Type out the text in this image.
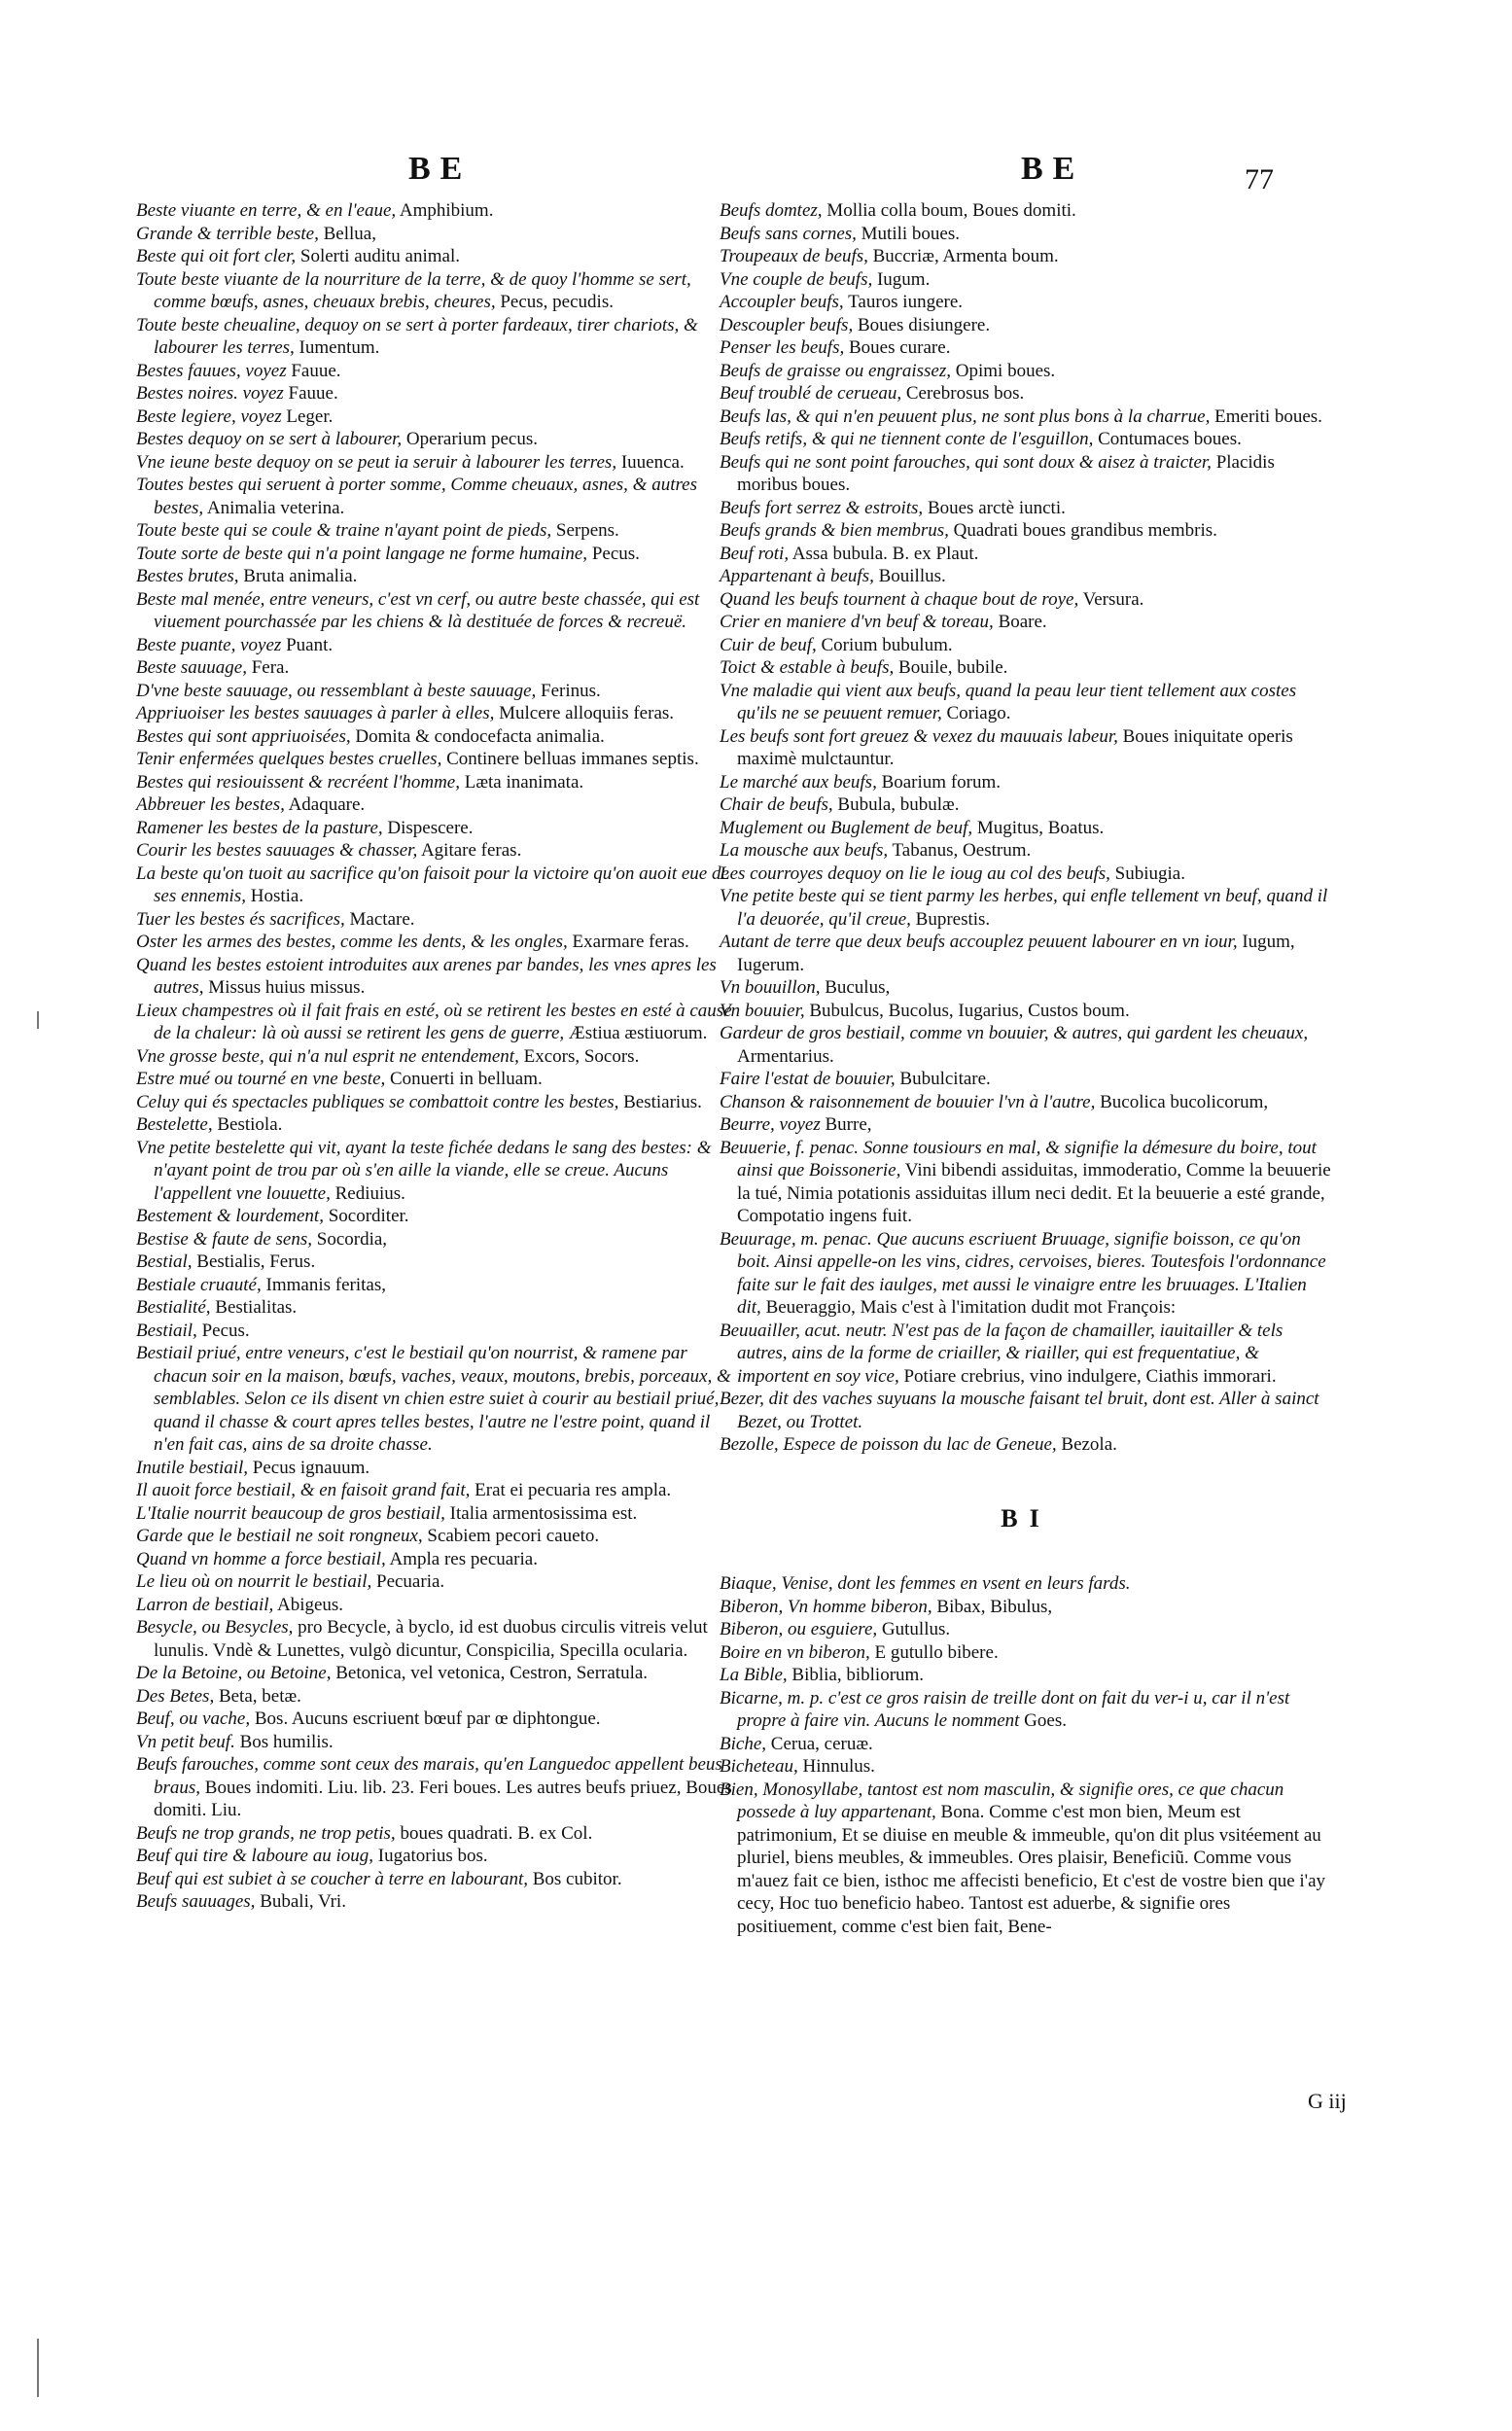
BE	BE	77

Beste viuante en terre, & en l'eaue, Amphibium.

Grande & terrible beste, Bellua,

Beste qui oit fort cler, Solerti auditu animal.

Toute beste viuante de la nourriture de la terre, & de quoy l'homme se sert, comme bœufs, asnes, cheuaux brebis, cheures, Pecus, pecudis.

Toute beste cheualine, dequoy on se sert à porter fardeaux, tirer chariots, & labourer les terres, Iumentum.

Bestes fauues, voyez Fauue.

Bestes noires. voyez Fauue.

Beste legiere, voyez Leger.

Bestes dequoy on se sert à labourer, Operarium pecus.

Vne ieune beste dequoy on se peut ia seruir à labourer les terres, Iuuenca.

Toutes bestes qui seruent à porter somme, Comme cheuaux, asnes, & autres bestes, Animalia veterina.

Toute beste qui se coule & traine n'ayant point de pieds, Serpens.

Toute sorte de beste qui n'a point langage ne forme humaine, Pecus.

Bestes brutes, Bruta animalia.

Beste mal menée, entre veneurs, c'est vn cerf, ou autre beste chassée, qui est viuement pourchassée par les chiens & là destituée de forces & recreuë.

Beste puante, voyez Puant.

Beste sauuage, Fera.

D'vne beste sauuage, ou ressemblant à beste sauuage, Ferinus.

Appriuoiser les bestes sauuages à parler à elles, Mulcere alloquiis feras.

Bestes qui sont appriuoisées, Domita & condocefacta animalia.

Tenir enfermées quelques bestes cruelles, Continere belluas immanes septis.

Bestes qui resiouissent & recréent l'homme, Læta inanimata.

Abbreuer les bestes, Adaquare.

Ramener les bestes de la pasture, Dispescere.

Courir les bestes sauuages & chasser, Agitare feras.

La beste qu'on tuoit au sacrifice qu'on faisoit pour la victoire qu'on auoit eue de ses ennemis, Hostia.

Tuer les bestes és sacrifices, Mactare.

Oster les armes des bestes, comme les dents, & les ongles, Exarmare feras.

Quand les bestes estoient introduites aux arenes par bandes, les vnes apres les autres, Missus huius missus.

Lieux champestres où il fait frais en esté, où se retirent les bestes en esté à cause de la chaleur: là où aussi se retirent les gens de guerre, Æstiua æstiuorum.

Vne grosse beste, qui n'a nul esprit ne entendement, Excors, Socors.

Estre mué ou tourné en vne beste, Conuerti in belluam.

Celuy qui és spectacles publiques se combattoit contre les bestes, Bestiarius.

Bestelette, Bestiola.

Vne petite bestelette qui vit, ayant la teste fichée dedans le sang des bestes: & n'ayant point de trou par où s'en aille la viande, elle se creue. Aucuns l'appellent vne louuette, Rediuius.

Bestement & lourdement, Socorditer.

Bestise & faute de sens, Socordia,

Bestial, Bestialis, Ferus.

Bestiale cruauté, Immanis feritas,

Bestialité, Bestialitas.

Bestiail, Pecus.

Bestiail priué, entre veneurs, c'est le bestiail qu'on nourrist, & ramene par chacun soir en la maison, bœufs, vaches, veaux, moutons, brebis, porceaux, & semblables. Selon ce ils disent vn chien estre suiet à courir au bestiail priué, quand il chasse & court apres telles bestes, l'autre ne l'estre point, quand il n'en fait cas, ains de sa droite chasse.

Inutile bestiail, Pecus ignauum.

Il auoit force bestiail, & en faisoit grand fait, Erat ei pecuaria res ampla.

L'Italie nourrit beaucoup de gros bestiail, Italia armentosissima est.

Garde que le bestiail ne soit rongneux, Scabiem pecori caueto.

Quand vn homme a force bestiail, Ampla res pecuaria.

Le lieu où on nourrit le bestiail, Pecuaria.

Larron de bestiail, Abigeus.

Besycle, ou Besycles, pro Becycle, à byclo, id est duobus circulis vitreis velut lunulis. Vndè & Lunettes, vulgò dicuntur, Conspicilia, Specilla ocularia.

De la Betoine, ou Betoine, Betonica, vel vetonica, Cestron, Serratula.

Des Betes, Beta, betæ.

Beuf, ou vache, Bos. Aucuns escriuent bœuf par œ diphtongue.

Vn petit beuf. Bos humilis.

Beufs farouches, comme sont ceux des marais, qu'en Languedoc appellent beus braus, Boues indomiti. Liu. lib. 23. Feri boues. Les autres beufs priuez, Boues domiti. Liu.

Beufs ne trop grands, ne trop petis, boues quadrati. B. ex Col.

Beuf qui tire & laboure au ioug, Iugatorius bos.

Beuf qui est subiet à se coucher à terre en labourant, Bos cubitor.

Beufs sauuages, Bubali, Vri.

Beufs domtez, Mollia colla boum, Boues domiti.

Beufs sans cornes, Mutili boues.

Troupeaux de beufs, Buccriæ, Armenta boum.

Vne couple de beufs, Iugum.

Accoupler beufs, Tauros iungere.

Descoupler beufs, Boues disiungere.

Penser les beufs, Boues curare.

Beufs de graisse ou engraissez, Opimi boues.

Beuf troublé de cerueau, Cerebrosus bos.

Beufs las, & qui n'en peuuent plus, ne sont plus bons à la charrue, Emeriti boues.

Beufs retifs, & qui ne tiennent conte de l'esguillon, Contumaces boues.

Beufs qui ne sont point farouches, qui sont doux & aisez à traicter, Placidis moribus boues.

Beufs fort serrez & estroits, Boues arctè iuncti.

Beufs grands & bien membrus, Quadrati boues grandibus membris.

Beuf roti, Assa bubula. B. ex Plaut.

Appartenant à beufs, Bouillus.

Quand les beufs tournent à chaque bout de roye, Versura.

Crier en maniere d'vn beuf & toreau, Boare.

Cuir de beuf, Corium bubulum.

Toict & estable à beufs, Bouile, bubile.

Vne maladie qui vient aux beufs, quand la peau leur tient tellement aux costes qu'ils ne se peuuent remuer, Coriago.

Les beufs sont fort greuez & vexez du mauuais labeur, Boues iniquitate operis maximè mulctauntur.

Le marché aux beufs, Boarium forum.

Chair de beufs, Bubula, bubulæ.

Muglement ou Buglement de beuf, Mugitus, Boatus.

La mousche aux beufs, Tabanus, Oestrum.

Les courroyes dequoy on lie le ioug au col des beufs, Subiugia.

Vne petite beste qui se tient parmy les herbes, qui enfle tellement vn beuf, quand il l'a deuorée, qu'il creue, Buprestis.

Autant de terre que deux beufs accouplez peuuent labourer en vn iour, Iugum, Iugerum.

Vn bouuillon, Buculus,

Vn bouuier, Bubulcus, Bucolus, Iugarius, Custos boum.

Gardeur de gros bestiail, comme vn bouuier, & autres, qui gardent les cheuaux, Armentarius.

Faire l'estat de bouuier, Bubulcitare.

Chanson & raisonnement de bouuier l'vn à l'autre, Bucolica bucolicorum,

Beurre, voyez Burre,

Beuuerie, f. penac. Sonne tousiours en mal, & signifie la démesure du boire, tout ainsi que Boissonerie, Vini bibendi assiduitas, immoderatio, Comme la beuuerie la tué, Nimia potationis assiduitas illum neci dedit. Et la beuuerie a esté grande, Compotatio ingens fuit.

Beuurage, m. penac. Que aucuns escriuent Bruuage, signifie boisson, ce qu'on boit. Ainsi appelle-on les vins, cidres, cervoises, bieres. Toutesfois l'ordonnance faite sur le fait des iaulges, met aussi le vinaigre entre les bruuages. L'Italien dit, Beueraggio, Mais c'est à l'imitation dudit mot François:

Beuuailler, acut. neutr. N'est pas de la façon de chamailler, iauitailler & tels autres, ains de la forme de criailler, & riailler, qui est frequentatiue, & importent en soy vice, Potiare crebrius, vino indulgere, Ciathis immorari.

Bezer, dit des vaches suyuans la mousche faisant tel bruit, dont est. Aller à sainct Bezet, ou Trottet.

Bezolle, Espece de poisson du lac de Geneue, Bezola.

BI

Biaque, Venise, dont les femmes en vsent en leurs fards.

Biberon, Vn homme biberon, Bibax, Bibulus,

Biberon, ou esguiere, Gutullus.

Boire en vn biberon, E gutullo bibere.

La Bible, Biblia, bibliorum.

Bicarne, m. p. c'est ce gros raisin de treille dont on fait du ver-i u, car il n'est propre à faire vin. Aucuns le nomment Goes.

Biche, Cerua, ceruæ.

Bicheteau, Hinnulus.

Bien, Monosyllabe, tantost est nom masculin, & signifie ores, ce que chacun possede à luy appartenant, Bona. Comme c'est mon bien, Meum est patrimonium, Et se diuise en meuble & immeuble, qu'on dit plus vsitéement au pluriel, biens meubles, & immeubles. Ores plaisir, Beneficiũ. Comme vous m'auez fait ce bien, isthoc me affecisti beneficio, Et c'est de vostre bien que i'ay cecy, Hoc tuo beneficio habeo. Tantost est aduerbe, & signifie ores positiuement, comme c'est bien fait, Bene-

G iij
